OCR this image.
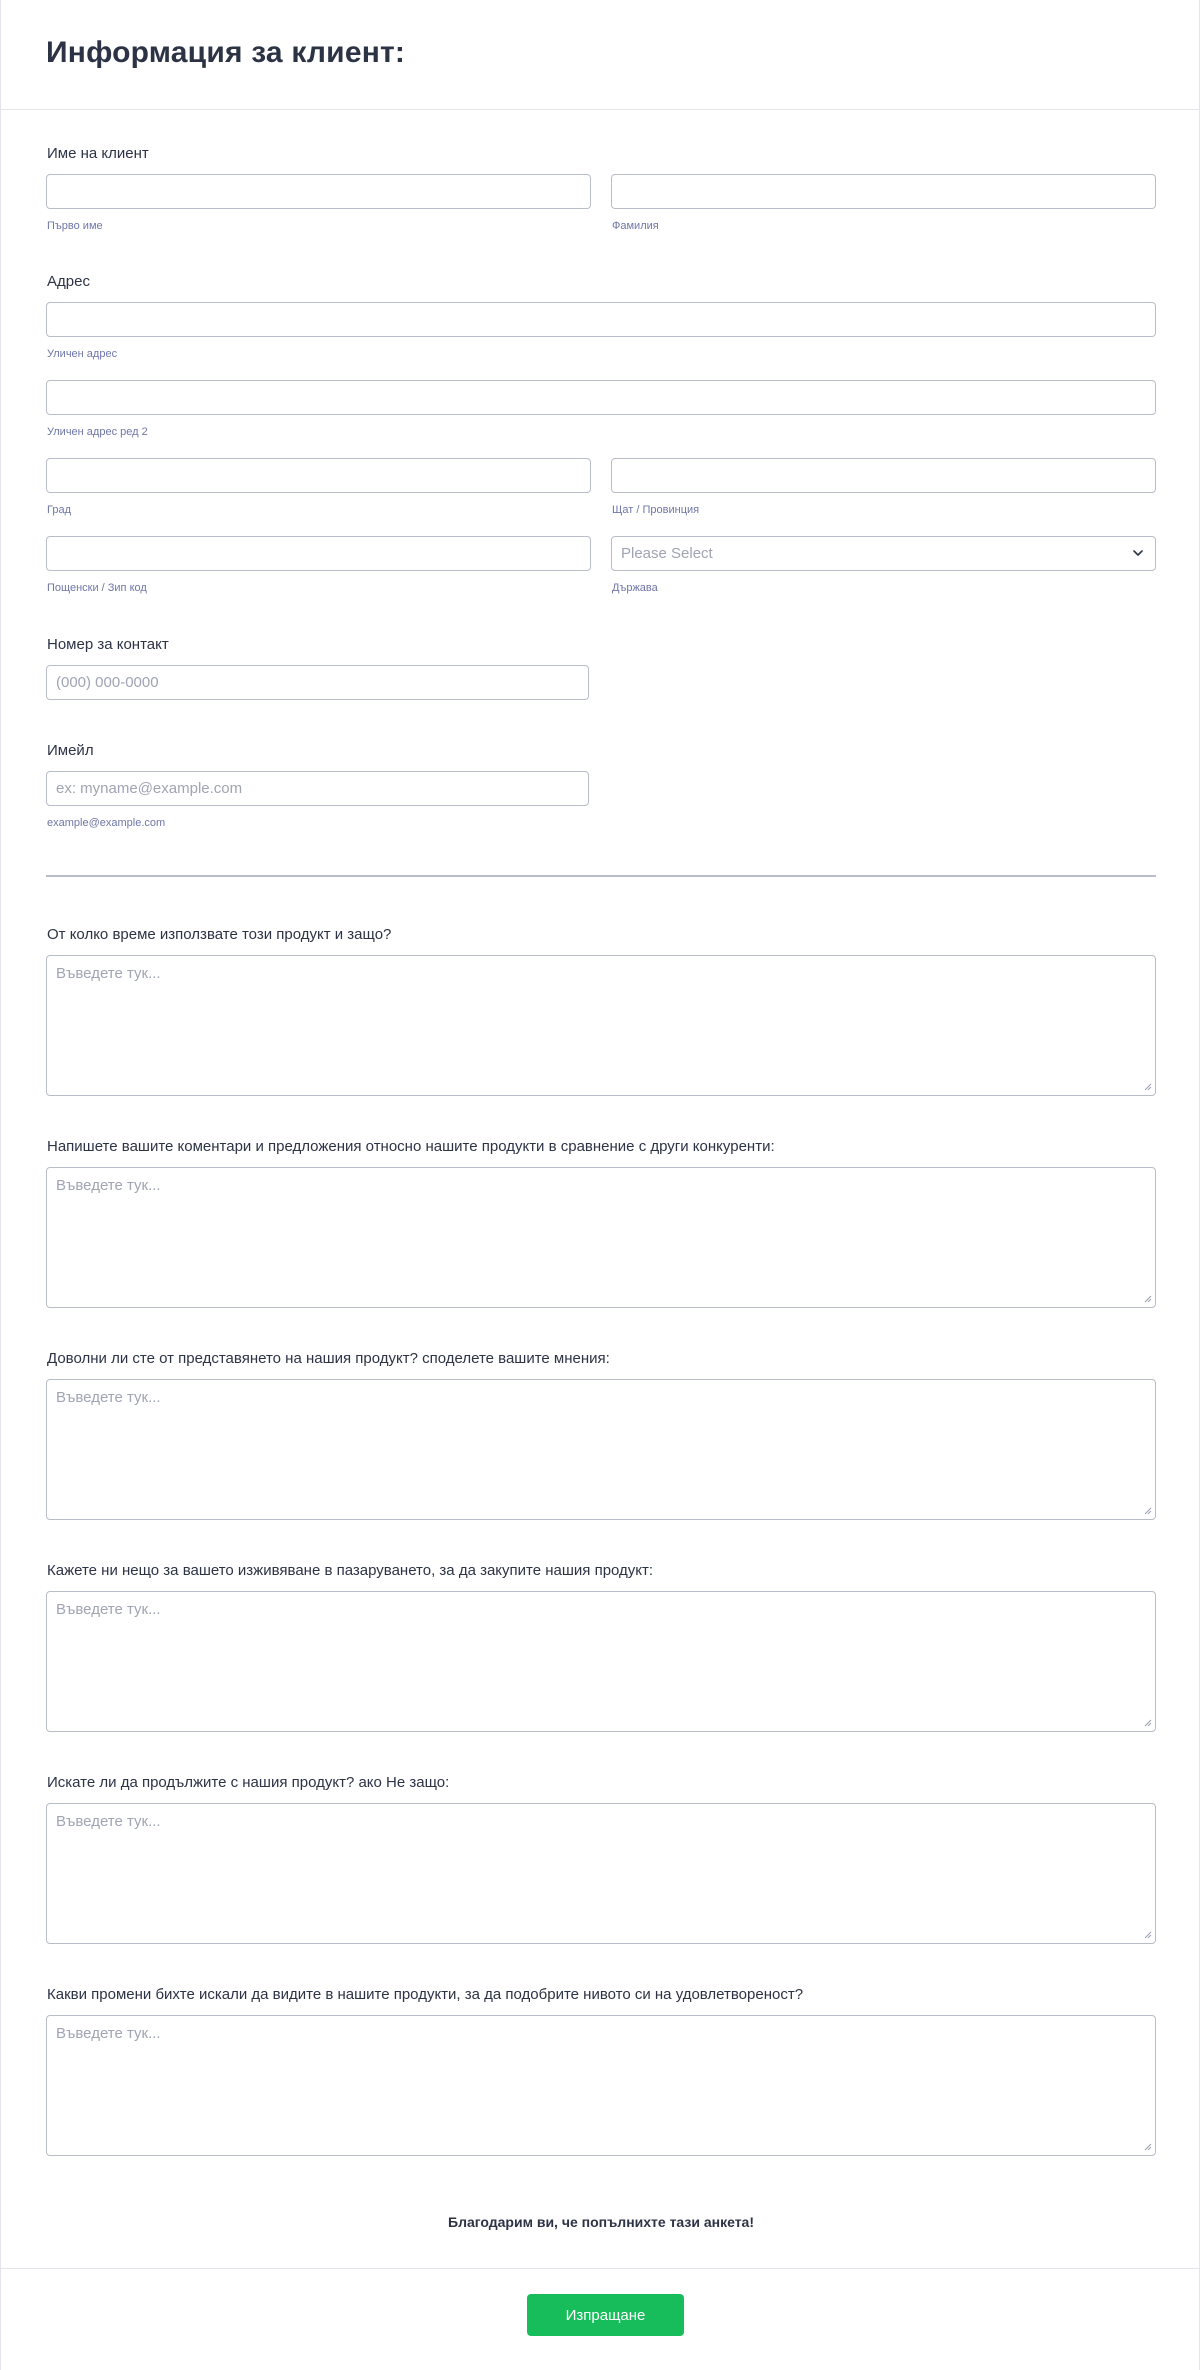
Информация за клиент:
Име на клиент
Първо име	Фамилия
Адрес
Уличен адрес
Уличен адрес ред 2
Град	Щат / Провинция
Пощенски / Зип код
Please Select
Държава
Номер за контакт
(000) 000-0000
Имейл
ex: myname@example.com
example@example.com
От колко време използвате този продукт и защо?
Въведете тук...
Напишете вашите коментари и предложения относно нашите продукти в сравнение с други конкуренти:
Въведете тук...
Доволни ли сте от представянето на нашия продукт? споделете вашите мнения:
Въведете тук...
Кажете ни нещо за вашето изживяване в пазаруването, за да закупите нашия продукт:
Въведете тук...
Искате ли да продължите с нашия продукт? ако Не защо:
Въведете тук...
Какви промени бихте искали да видите в нашите продукти, за да подобрите нивото си на удовлетвореност?
Въведете тук...
Благодарим ви, че попълнихте тази анкета!
Изпращане
